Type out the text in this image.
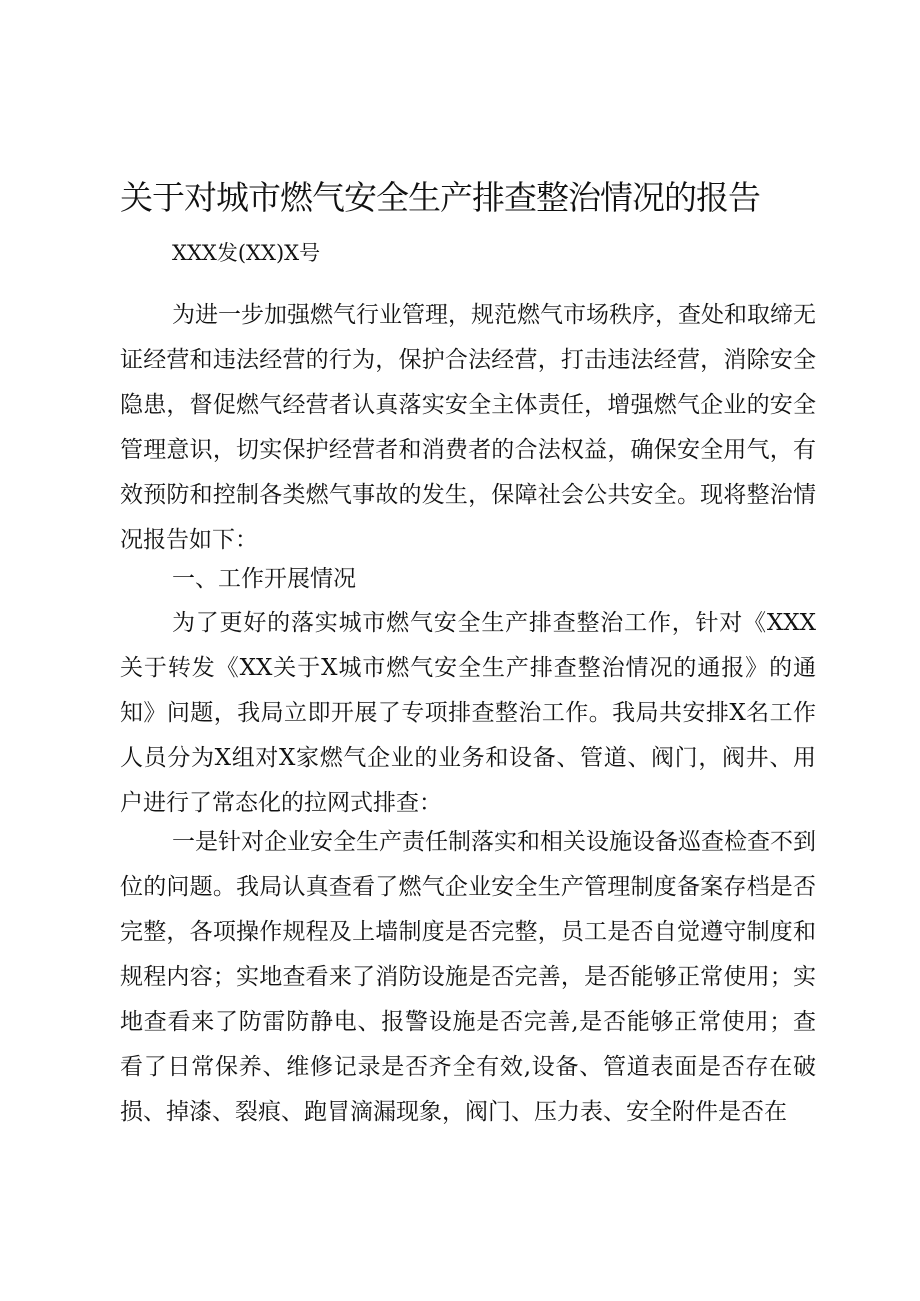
关于对城市燃气安全生产排查整治情况的报告
XXX发(XX)X号

为进一步加强燃气行业管理，规范燃气市场秩序，查处和取缔无证经营和违法经营的行为，保护合法经营，打击违法经营，消除安全隐患，督促燃气经营者认真落实安全主体责任，增强燃气企业的安全管理意识，切实保护经营者和消费者的合法权益，确保安全用气，有效预防和控制各类燃气事故的发生，保障社会公共安全。现将整治情况报告如下：

一、工作开展情况

为了更好的落实城市燃气安全生产排查整治工作，针对《XXX关于转发《XX关于X城市燃气安全生产排查整治情况的通报》的通知》问题，我局立即开展了专项排查整治工作。我局共安排X名工作人员分为X组对X家燃气企业的业务和设备、管道、阀门，阀井、用户进行了常态化的拉网式排查：

一是针对企业安全生产责任制落实和相关设施设备巡查检查不到位的问题。我局认真查看了燃气企业安全生产管理制度备案存档是否完整，各项操作规程及上墙制度是否完整，员工是否自觉遵守制度和规程内容；实地查看来了消防设施是否完善，是否能够正常使用；实地查看来了防雷防静电、报警设施是否完善,是否能够正常使用；查看了日常保养、维修记录是否齐全有效,设备、管道表面是否存在破损、掉漆、裂痕、跑冒滴漏现象，阀门、压力表、安全附件是否在
